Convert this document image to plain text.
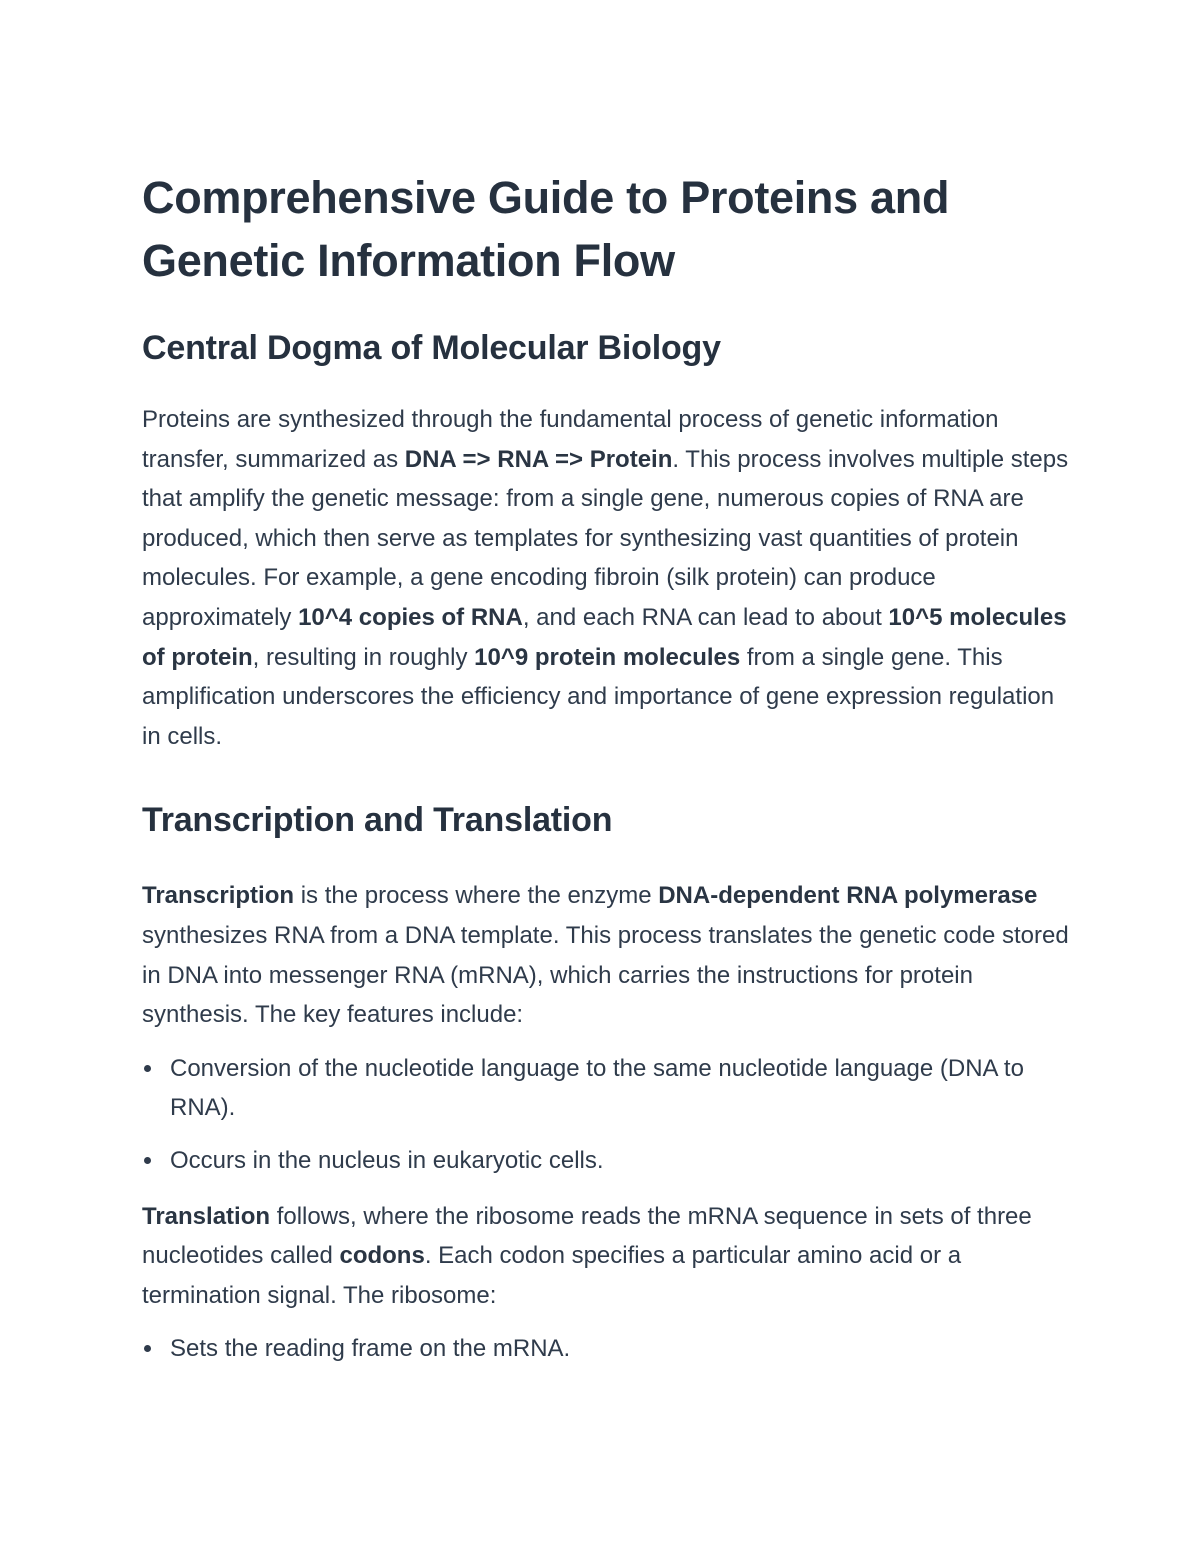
Comprehensive Guide to Proteins and Genetic Information Flow
Central Dogma of Molecular Biology

Proteins are synthesized through the fundamental process of genetic information transfer, summarized as DNA => RNA => Protein. This process involves multiple steps that amplify the genetic message: from a single gene, numerous copies of RNA are produced, which then serve as templates for synthesizing vast quantities of protein molecules. For example, a gene encoding fibroin (silk protein) can produce approximately 10^4 copies of RNA, and each RNA can lead to about 10^5 molecules of protein, resulting in roughly 10^9 protein molecules from a single gene. This amplification underscores the efficiency and importance of gene expression regulation in cells.

Transcription and Translation

Transcription is the process where the enzyme DNA-dependent RNA polymerase synthesizes RNA from a DNA template. This process translates the genetic code stored in DNA into messenger RNA (mRNA), which carries the instructions for protein synthesis. The key features include:

Conversion of the nucleotide language to the same nucleotide language (DNA to RNA).
Occurs in the nucleus in eukaryotic cells.

Translation follows, where the ribosome reads the mRNA sequence in sets of three nucleotides called codons. Each codon specifies a particular amino acid or a termination signal. The ribosome:

Sets the reading frame on the mRNA.
